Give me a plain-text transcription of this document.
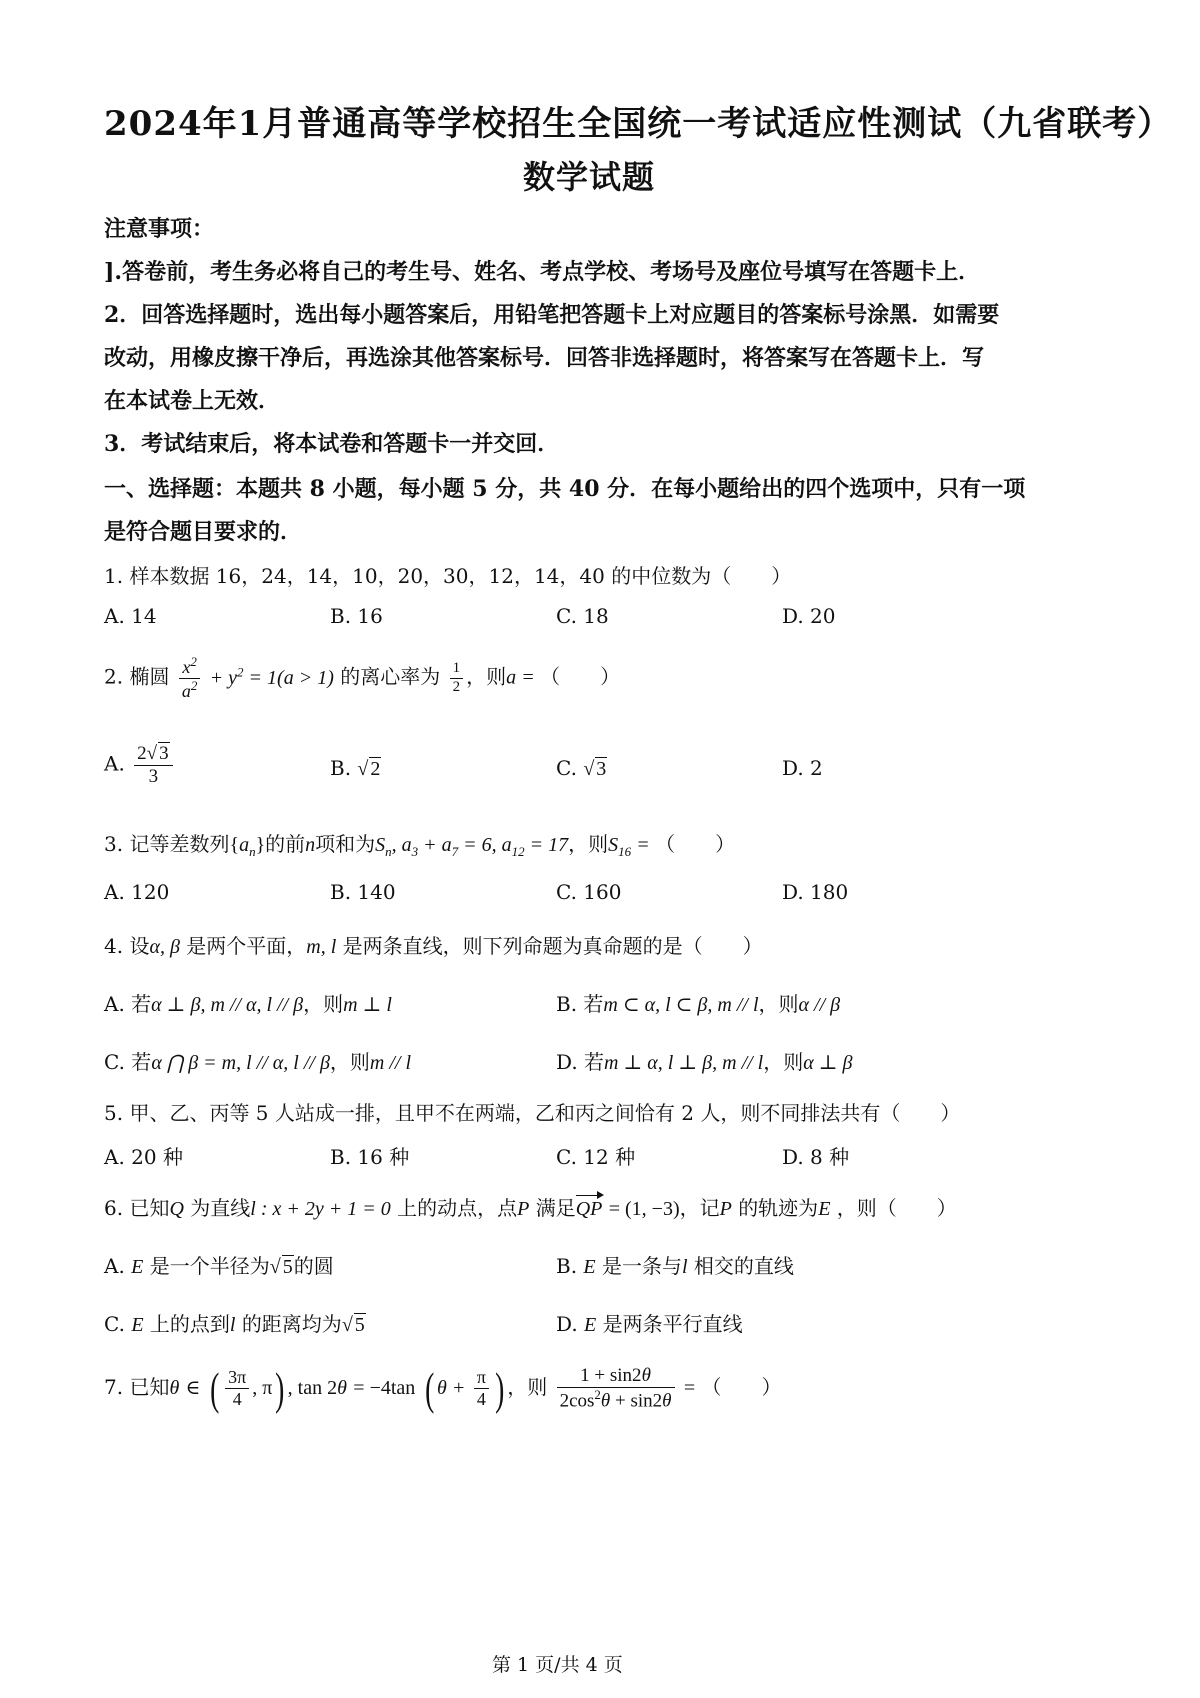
2024年1月普通高等学校招生全国统一考试适应性测试（九省联考）
数学试题
注意事项：
].答卷前，考生务必将自己的考生号、姓名、考点学校、考场号及座位号填写在答题卡上．
2．回答选择题时，选出每小题答案后，用铅笔把答题卡上对应题目的答案标号涂黑．如需要
改动，用橡皮擦干净后，再选涂其他答案标号．回答非选择题时，将答案写在答题卡上．写
在本试卷上无效．
3．考试结束后，将本试卷和答题卡一并交回．
一、选择题：本题共 8 小题，每小题 5 分，共 40 分．在每小题给出的四个选项中，只有一项
是符合题目要求的．
1. 样本数据 16，24，14，10，20，30，12，14，40 的中位数为（　　）
A. 14	B. 16	C. 18	D. 20
2. 椭圆 $\frac{x^2}{a^2} + y^2 = 1(a > 1)$ 的离心率为 $\frac{1}{2}$ ，则a = （　　）
A. $\frac{2 √ 3}{3}$	B. √ 2	C. √ 3	D. 2
3. 记等差数列$\{a_n\}$的前n项和为$S_n$, $a_3 + a_7 = 6$, $a_{12} = 17$，则$S_{16}$ = （　　）
A. 120	B. 140	C. 160	D. 180
4. 设α, β 是两个平面，m, l 是两条直线，则下列命题为真命题的是（　　）
A. 若α ⊥ β, m // α, l // β，则m ⊥ l	B. 若m ⊂ α, l ⊂ β, m // l，则α // β
C. 若α ⋂ β = m, l // α, l // β，则m // l	D. 若m ⊥ α, l ⊥ β, m // l，则α ⊥ β
5. 甲、乙、丙等 5 人站成一排，且甲不在两端，乙和丙之间恰有 2 人，则不同排法共有（　　）
A. 20 种	B. 16 种	C. 12 种	D. 8 种
6. 已知Q 为直线l : x + 2y + 1 = 0 上的动点，点P 满足QP = (1, −3)，记P 的轨迹为E ，则（　　）
A. E 是一个半径为 √ 5的圆	B. E 是一条与l 相交的直线
C. E 上的点到l 的距离均为 √ 5	D. E 是两条平行直线
7. 已知θ ∈ ( $\frac{3\pi}{4}$ , π) , tan 2θ = −4tan ( $\theta + \frac{\pi}{4}$ ) ，则 $\frac{1 + \sin 2\theta}{2\cos^2\theta + \sin 2\theta}$ = （　　）
第 1 页/共 4 页
